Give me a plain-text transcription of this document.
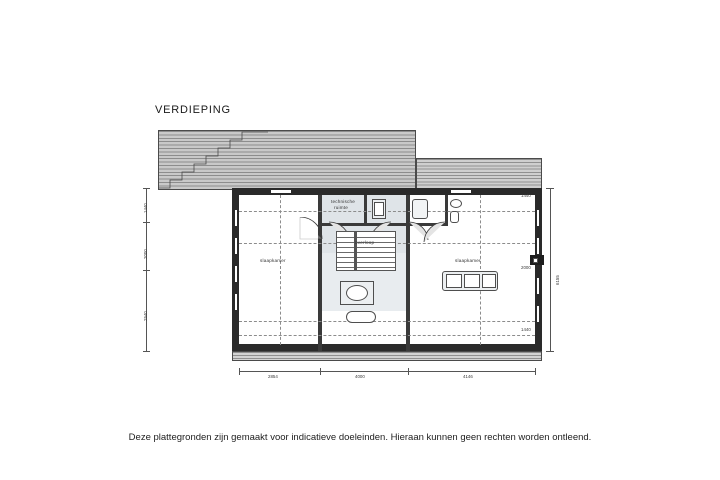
VERDIEPING
slaapkamer
technische
ruimte
overloop
slaapkamer
1440
2000
2540
6155
1440
2000
1440
2854	4000	4146
Deze plattegronden zijn gemaakt voor indicatieve doeleinden. Hieraan kunnen geen rechten worden ontleend.
